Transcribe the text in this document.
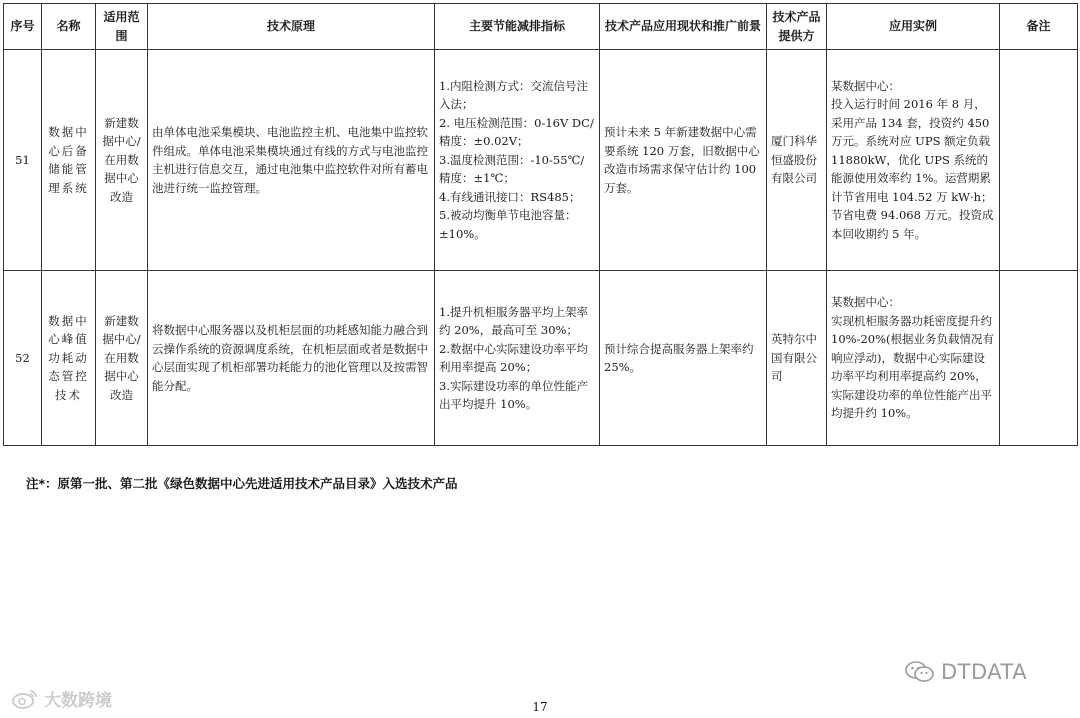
序号	名称	适用范围	技术原理	主要节能减排指标	技术产品应用现状和推广前景	技术产品提供方	应用实例	备注
51	数据中心后备储能管理系统	新建数据中心/在用数据中心改造	由单体电池采集模块、电池监控主机、电池集中监控软件组成。单体电池采集模块通过有线的方式与电池监控主机进行信息交互，通过电池集中监控软件对所有蓄电池进行统一监控管理。	1.内阻检测方式：交流信号注入法；
2. 电压检测范围：0-16V DC/精度：±0.02V；
3.温度检测范围：-10-55℃/精度：±1℃；
4.有线通讯接口：RS485；
5.被动均衡单节电池容量：±10%。	预计未来 5 年新建数据中心需要系统 120 万套，旧数据中心改造市场需求保守估计约 100 万套。	厦门科华恒盛股份有限公司	某数据中心：
投入运行时间 2016 年 8 月，采用产品 134 套，投资约 450 万元。系统对应 UPS 额定负载 11880kW，优化 UPS 系统的能源使用效率约 1%。运营期累计节省用电 104.52 万 kW·h；节省电费 94.068 万元。投资成本回收期约 5 年。	
52	数据中心峰值功耗动态管控技术	新建数据中心/在用数据中心改造	将数据中心服务器以及机柜层面的功耗感知能力融合到云操作系统的资源调度系统，在机柜层面或者是数据中心层面实现了机柜部署功耗能力的池化管理以及按需智能分配。	1.提升机柜服务器平均上架率约 20%，最高可至 30%；
2.数据中心实际建设功率平均利用率提高 20%；
3.实际建设功率的单位性能产出平均提升 10%。	预计综合提高服务器上架率约 25%。	英特尔中国有限公司	某数据中心：
实现机柜服务器功耗密度提升约 10%-20%(根据业务负载情况有响应浮动)，数据中心实际建设功率平均利用率提高约 20%，实际建设功率的单位性能产出平均提升约 10%。	
注*：原第一批、第二批《绿色数据中心先进适用技术产品目录》入选技术产品
DTDATA
大数跨境	17
